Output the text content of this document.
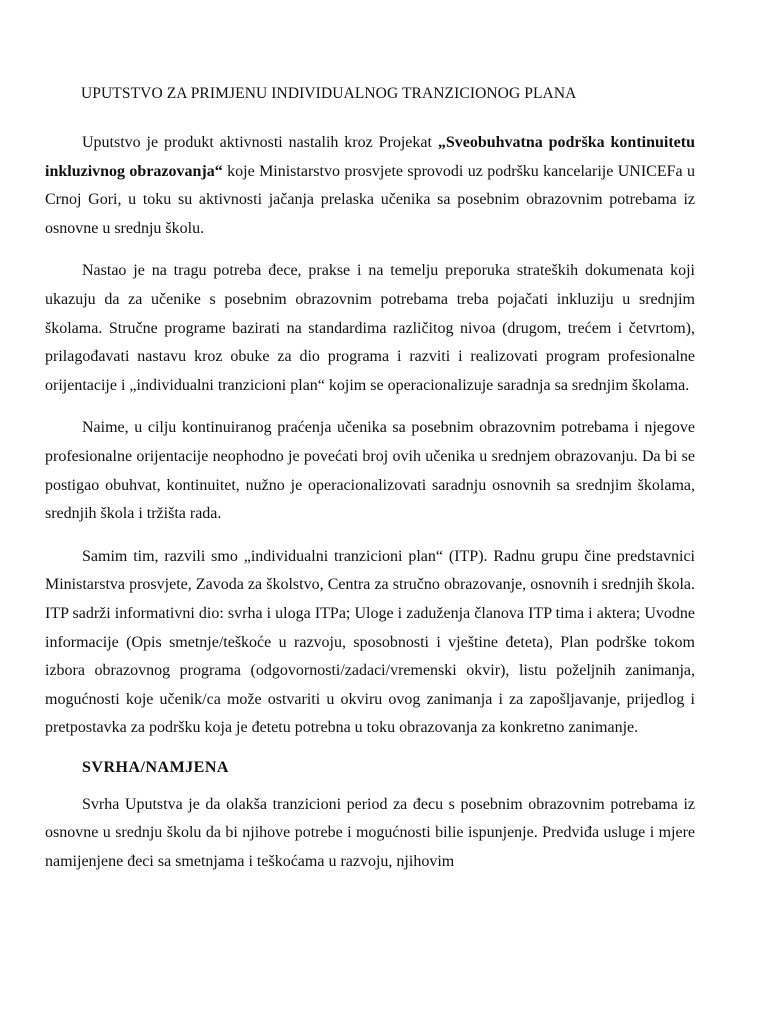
UPUTSTVO ZA PRIMJENU INDIVIDUALNOG TRANZICIONOG PLANA

Uputstvo je produkt aktivnosti nastalih kroz Projekat „Sveobuhvatna podrška kontinuitetu inkluzivnog obrazovanja“ koje Ministarstvo prosvjete sprovodi uz podršku kancelarije UNICEFa u Crnoj Gori, u toku su aktivnosti jačanja prelaska učenika sa posebnim obrazovnim potrebama iz osnovne u srednju školu.

Nastao je na tragu potreba đece, prakse i na temelju preporuka strateških dokumenata koji ukazuju da za učenike s posebnim obrazovnim potrebama treba pojačati inkluziju u srednjim školama. Stručne programe bazirati na standardima različitog nivoa (drugom, trećem i četvrtom), prilagođavati nastavu kroz obuke za dio programa i razviti i realizovati program profesionalne orijentacije i „individualni tranzicioni plan“ kojim se operacionalizuje saradnja sa srednjim školama.

Naime, u cilju kontinuiranog praćenja učenika sa posebnim obrazovnim potrebama i njegove profesionalne orijentacije neophodno je povećati broj ovih učenika u srednjem obrazovanju. Da bi se postigao obuhvat, kontinuitet, nužno je operacionalizovati saradnju osnovnih sa srednjim školama, srednjih škola i tržišta rada.

Samim tim, razvili smo „individualni tranzicioni plan“ (ITP). Radnu grupu čine predstavnici Ministarstva prosvjete, Zavoda za školstvo, Centra za stručno obrazovanje, osnovnih i srednjih škola. ITP sadrži informativni dio: svrha i uloga ITPa; Uloge i zaduženja članova ITP tima i aktera; Uvodne informacije (Opis smetnje/teškoće u razvoju, sposobnosti i vještine đeteta), Plan podrške tokom izbora obrazovnog programa (odgovornosti/zadaci/vremenski okvir), listu poželjnih zanimanja, mogućnosti koje učenik/ca može ostvariti u okviru ovog zanimanja i za zapošljavanje, prijedlog i pretpostavka za podršku koja je đetetu potrebna u toku obrazovanja za konkretno zanimanje.

SVRHA/NAMJENA

Svrha Uputstva je da olakša tranzicioni period za đecu s posebnim obrazovnim potrebama iz osnovne u srednju školu da bi njihove potrebe i mogućnosti bilie ispunjenje. Predviđa usluge i mjere namijenjene đeci sa smetnjama i teškoćama u razvoju, njihovim
